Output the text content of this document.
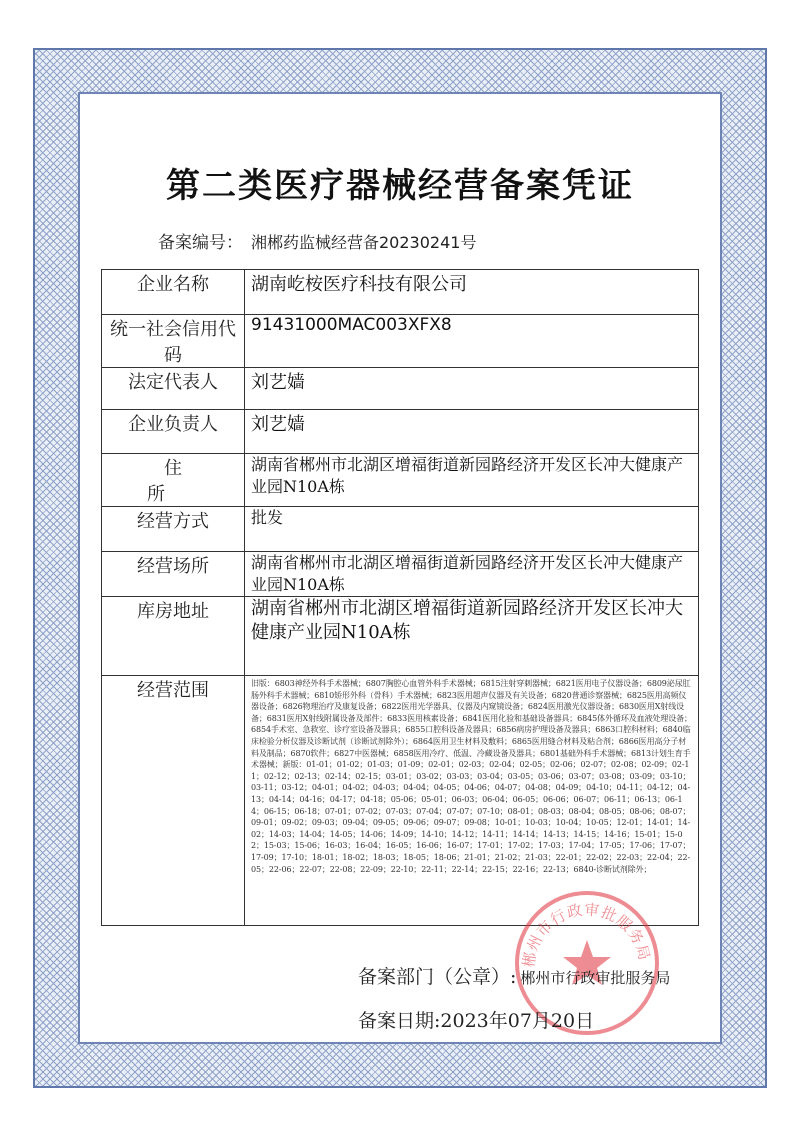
第二类医疗器械经营备案凭证
备案编号： 湘郴药监械经营备20230241号
企业名称	湖南屹桉医疗科技有限公司
统一社会信用代码	91431000MAC003XFX8
法定代表人	刘艺嫱
企业负责人	刘艺嫱
住 所	湖南省郴州市北湖区增福街道新园路经济开发区长冲大健康产业园N10A栋
经营方式	批发
经营场所	湖南省郴州市北湖区增福街道新园路经济开发区长冲大健康产业园N10A栋
库房地址	湖南省郴州市北湖区增福街道新园路经济开发区长冲大健康产业园N10A栋
经营范围	旧版：6803神经外科手术器械；6807胸腔心血管外科手术器械；6815注射穿刺器械；6821医用电子仪器设备；6809泌尿肛肠外科手术器械；6810矫形外科（骨科）手术器械；6823医用超声仪器及有关设备；6820普通诊察器械；6825医用高频仪器设备；6826物理治疗及康复设备；6822医用光学器具、仪器及内窥镜设备；6824医用激光仪器设备；6830医用X射线设备；6831医用X射线附属设备及部件；6833医用核素设备；6841医用化验和基础设备器具；6845体外循环及血液处理设备；6854手术室、急救室、诊疗室设备及器具；6855口腔科设备及器具；6856病房护理设备及器具；6863口腔科材料；6840临床检验分析仪器及诊断试剂（诊断试剂除外）；6864医用卫生材料及敷料；6865医用缝合材料及粘合剂；6866医用高分子材料及制品；6870软件；6827中医器械；6858医用冷疗、低温、冷藏设备及器具；6801基础外科手术器械；6813计划生育手术器械；新版：01-01；01-02；01-03；01-09；02-01；02-03；02-04；02-05；02-06；02-07；02-08；02-09；02-11；02-12；02-13；02-14；02-15；03-01；03-02；03-03；03-04；03-05；03-06；03-07；03-08；03-09；03-10；03-11；03-12；04-01；04-02；04-03；04-04；04-05；04-06；04-07；04-08；04-09；04-10；04-11；04-12；04-13；04-14；04-16；04-17；04-18；05-06；05-01；06-03；06-04；06-05；06-06；06-07；06-11；06-13；06-14；06-15；06-18；07-01；07-02；07-03；07-04；07-07；07-10；08-01；08-03；08-04；08-05；08-06；08-07；09-01；09-02；09-03；09-04；09-05；09-06；09-07；09-08；10-01；10-03；10-04；10-05；12-01；14-01；14-02；14-03；14-04；14-05；14-06；14-09；14-10；14-12；14-11；14-14；14-13；14-15；14-16；15-01；15-02；15-03；15-06；16-03；16-04；16-05；16-06；16-07；17-01；17-02；17-03；17-04；17-05；17-06；17-07；17-09；17-10；18-01；18-02；18-03；18-05；18-06；21-01；21-02；21-03；22-01；22-02；22-03；22-04；22-05；22-06；22-07；22-08；22-09；22-10；22-11；22-14；22-15；22-16；22-13；6840-诊断试剂除外；
郴州市行政审批服务局
备案部门（公章）: 郴州市行政审批服务局
备案日期:2023年07月20日
